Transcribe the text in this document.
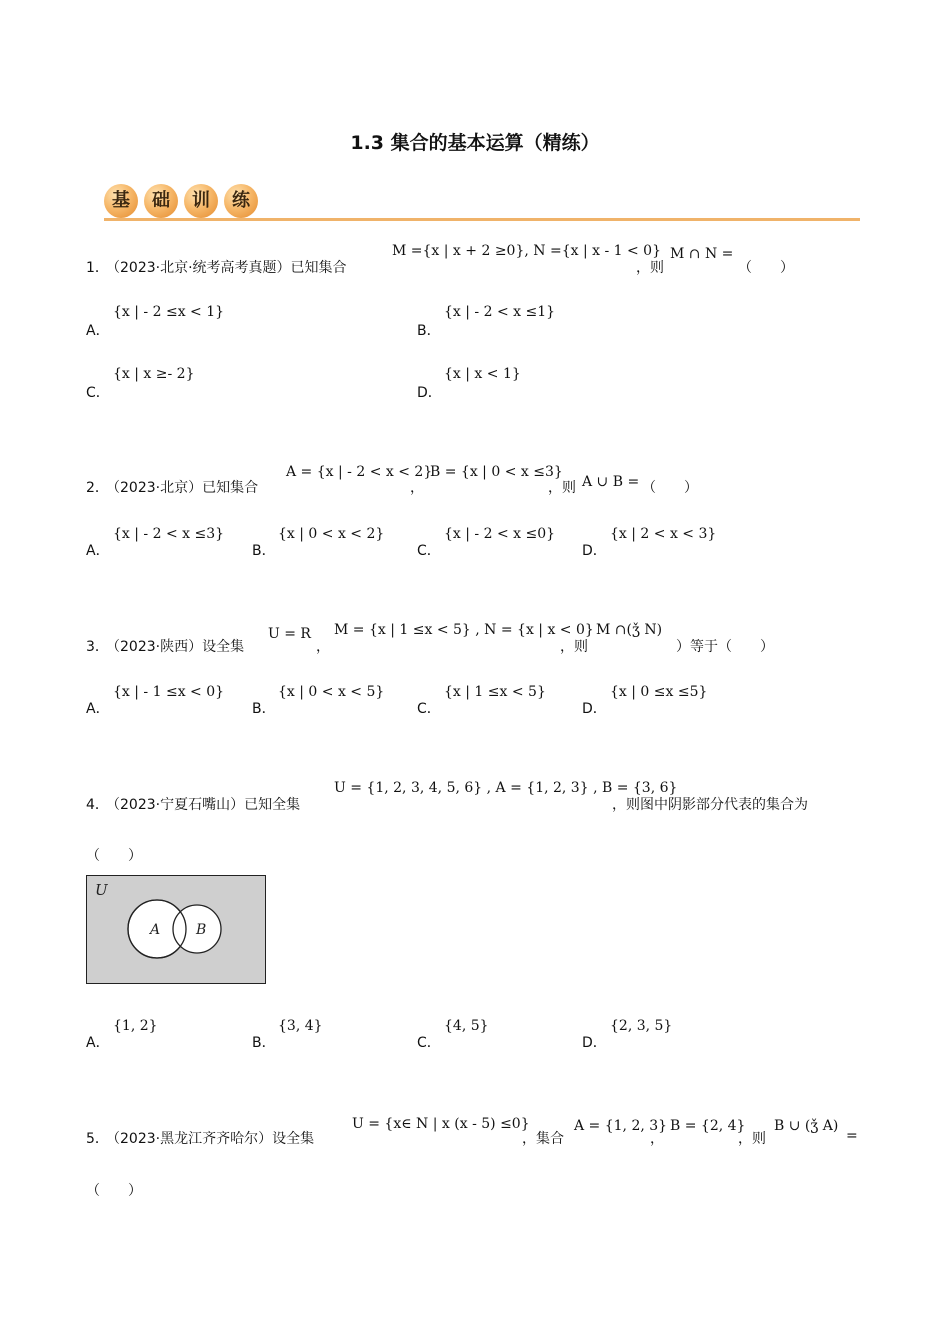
1.3 集合的基本运算（精练）
基	础	训	练
1．
（2023·北京·统考高考真题）已知集合
M ={x | x + 2 ≥0}, N ={x | x - 1 < 0}
，则
M ∩ N =
（　　）
A．
{x | - 2 ≤x < 1}
B．
{x | - 2 < x ≤1}
C．
{x | x ≥- 2}
D．
{x | x < 1}
2．
（2023·北京）已知集合
A = {x | - 2 < x < 2}
，
B = {x | 0 < x ≤3}
，则 A ∪ B = （　　）
A．
{x | - 2 < x ≤3}
B．
{x | 0 < x < 2}
C．
{x | - 2 < x ≤0}
D．
{x | 2 < x < 3}
3．
（2023·陕西）设全集
U = R
，
M = {x | 1 ≤x < 5} , N = {x | x < 0}
，则
M ∩(ǯ N)
）等于（　　）
A．
{x | - 1 ≤x < 0}
B．
{x | 0 < x < 5}
C．
{x | 1 ≤x < 5}
D．
{x | 0 ≤x ≤5}
4．
（2023·宁夏石嘴山）已知全集
U = {1, 2, 3, 4, 5, 6} , A = {1, 2, 3} , B = {3, 6}
，则图中阴影部分代表的集合为
（　　）
U
A	B
A．
{1, 2}
B．
{3, 4}
C．
{4, 5}
D．
{2, 3, 5}
5．
（2023·黑龙江齐齐哈尔）设全集
U = {x∈ N | x (x - 5) ≤0}
，集合
A = {1, 2, 3}
，
B = {2, 4}
，则
B ∪ (ǯ A)
=
（　　）
